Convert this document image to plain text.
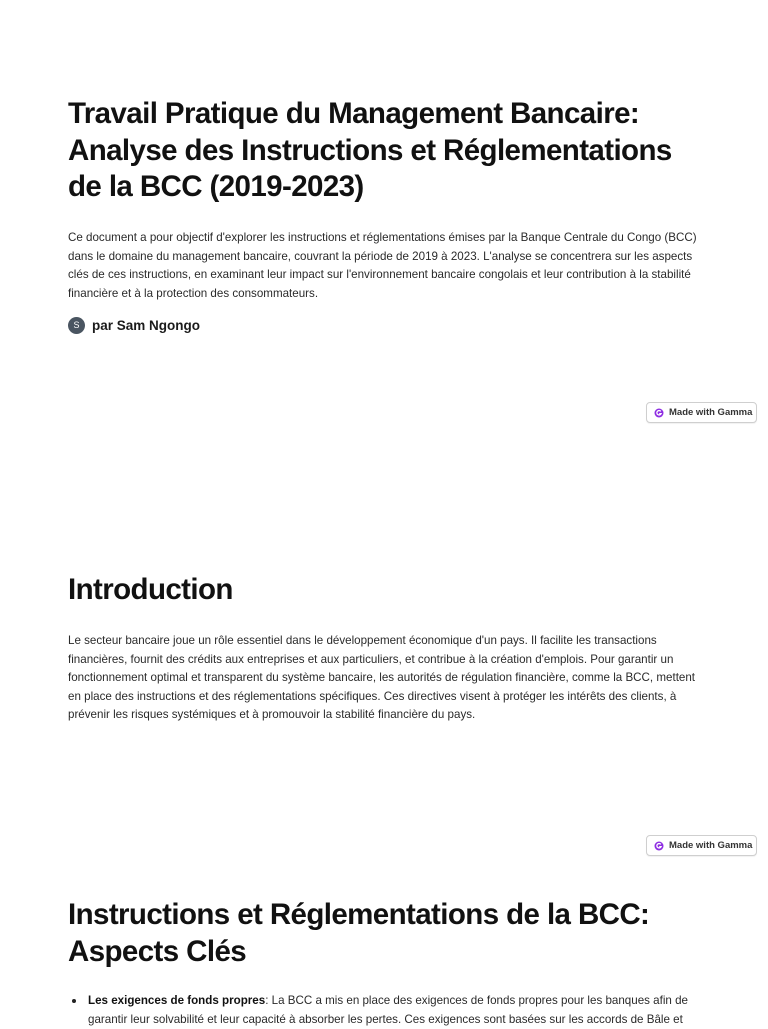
Travail Pratique du Management Bancaire: Analyse des Instructions et Réglementations de la BCC (2019-2023)

Ce document a pour objectif d'explorer les instructions et réglementations émises par la Banque Centrale du Congo (BCC) dans le domaine du management bancaire, couvrant la période de 2019 à 2023. L'analyse se concentrera sur les aspects clés de ces instructions, en examinant leur impact sur l'environnement bancaire congolais et leur contribution à la stabilité financière et à la protection des consommateurs.

S par Sam Ngongo
Made with Gamma
Introduction

Le secteur bancaire joue un rôle essentiel dans le développement économique d'un pays. Il facilite les transactions financières, fournit des crédits aux entreprises et aux particuliers, et contribue à la création d'emplois. Pour garantir un fonctionnement optimal et transparent du système bancaire, les autorités de régulation financière, comme la BCC, mettent en place des instructions et des réglementations spécifiques. Ces directives visent à protéger les intérêts des clients, à prévenir les risques systémiques et à promouvoir la stabilité financière du pays.

Made with Gamma
Instructions et Réglementations de la BCC: Aspects Clés
Les exigences de fonds propres: La BCC a mis en place des exigences de fonds propres pour les banques afin de garantir leur solvabilité et leur capacité à absorber les pertes. Ces exigences sont basées sur les accords de Bâle et
